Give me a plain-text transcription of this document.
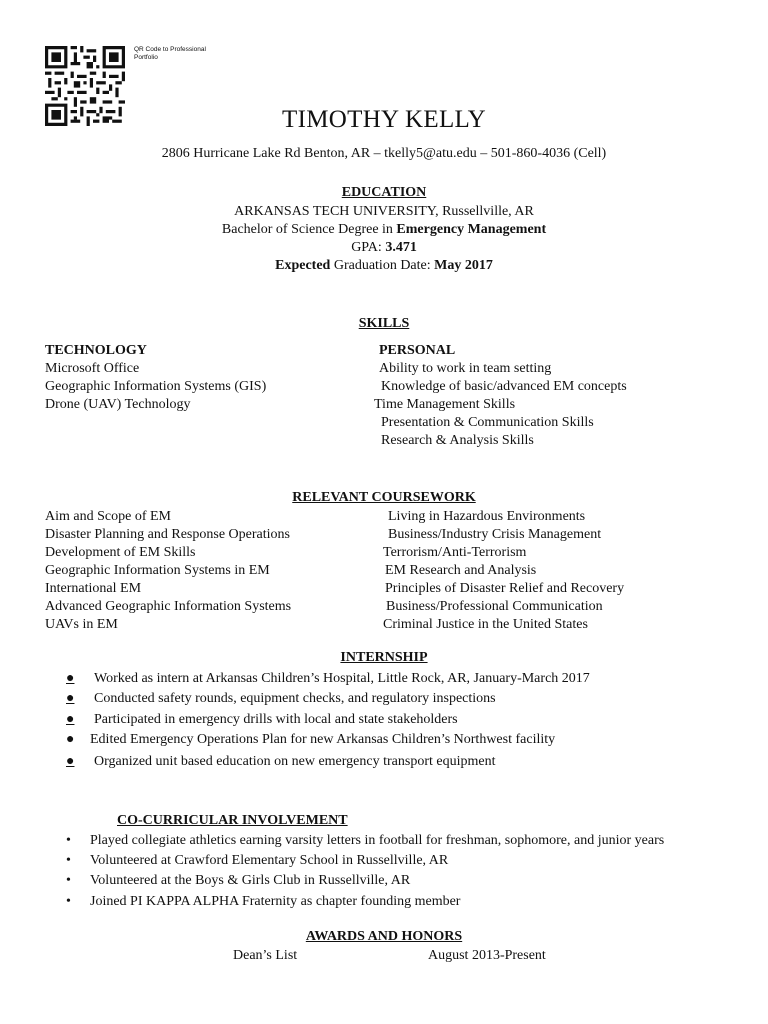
QR Code to Professional
Portfolio
TIMOTHY KELLY
2806 Hurricane Lake Rd Benton, AR – tkelly5@atu.edu – 501-860-4036 (Cell)
EDUCATION
ARKANSAS TECH UNIVERSITY, Russellville, AR
Bachelor of Science Degree in Emergency Management
GPA: 3.471
Expected Graduation Date: May 2017
SKILLS
TECHNOLOGY	PERSONAL
Microsoft Office
Geographic Information Systems (GIS)
Drone (UAV) Technology
Ability to work in team setting
Knowledge of basic/advanced EM concepts
Time Management Skills
Presentation & Communication Skills
Research & Analysis Skills
RELEVANT COURSEWORK
Aim and Scope of EM
Disaster Planning and Response Operations
Development of EM Skills
Geographic Information Systems in EM
International EM
Advanced Geographic Information Systems
UAVs in EM
Living in Hazardous Environments
Business/Industry Crisis Management
Terrorism/Anti-Terrorism
EM Research and Analysis
Principles of Disaster Relief and Recovery
Business/Professional Communication
Criminal Justice in the United States
INTERNSHIP
● Worked as intern at Arkansas Children’s Hospital, Little Rock, AR, January-March 2017
● Conducted safety rounds, equipment checks, and regulatory inspections
● Participated in emergency drills with local and state stakeholders
● Edited Emergency Operations Plan for new Arkansas Children’s Northwest facility
● Organized unit based education on new emergency transport equipment
CO-CURRICULAR INVOLVEMENT
• Played collegiate athletics earning varsity letters in football for freshman, sophomore, and junior years
• Volunteered at Crawford Elementary School in Russellville, AR
• Volunteered at the Boys & Girls Club in Russellville, AR
• Joined PI KAPPA ALPHA Fraternity as chapter founding member
AWARDS AND HONORS
Dean’s List	August 2013-Present
